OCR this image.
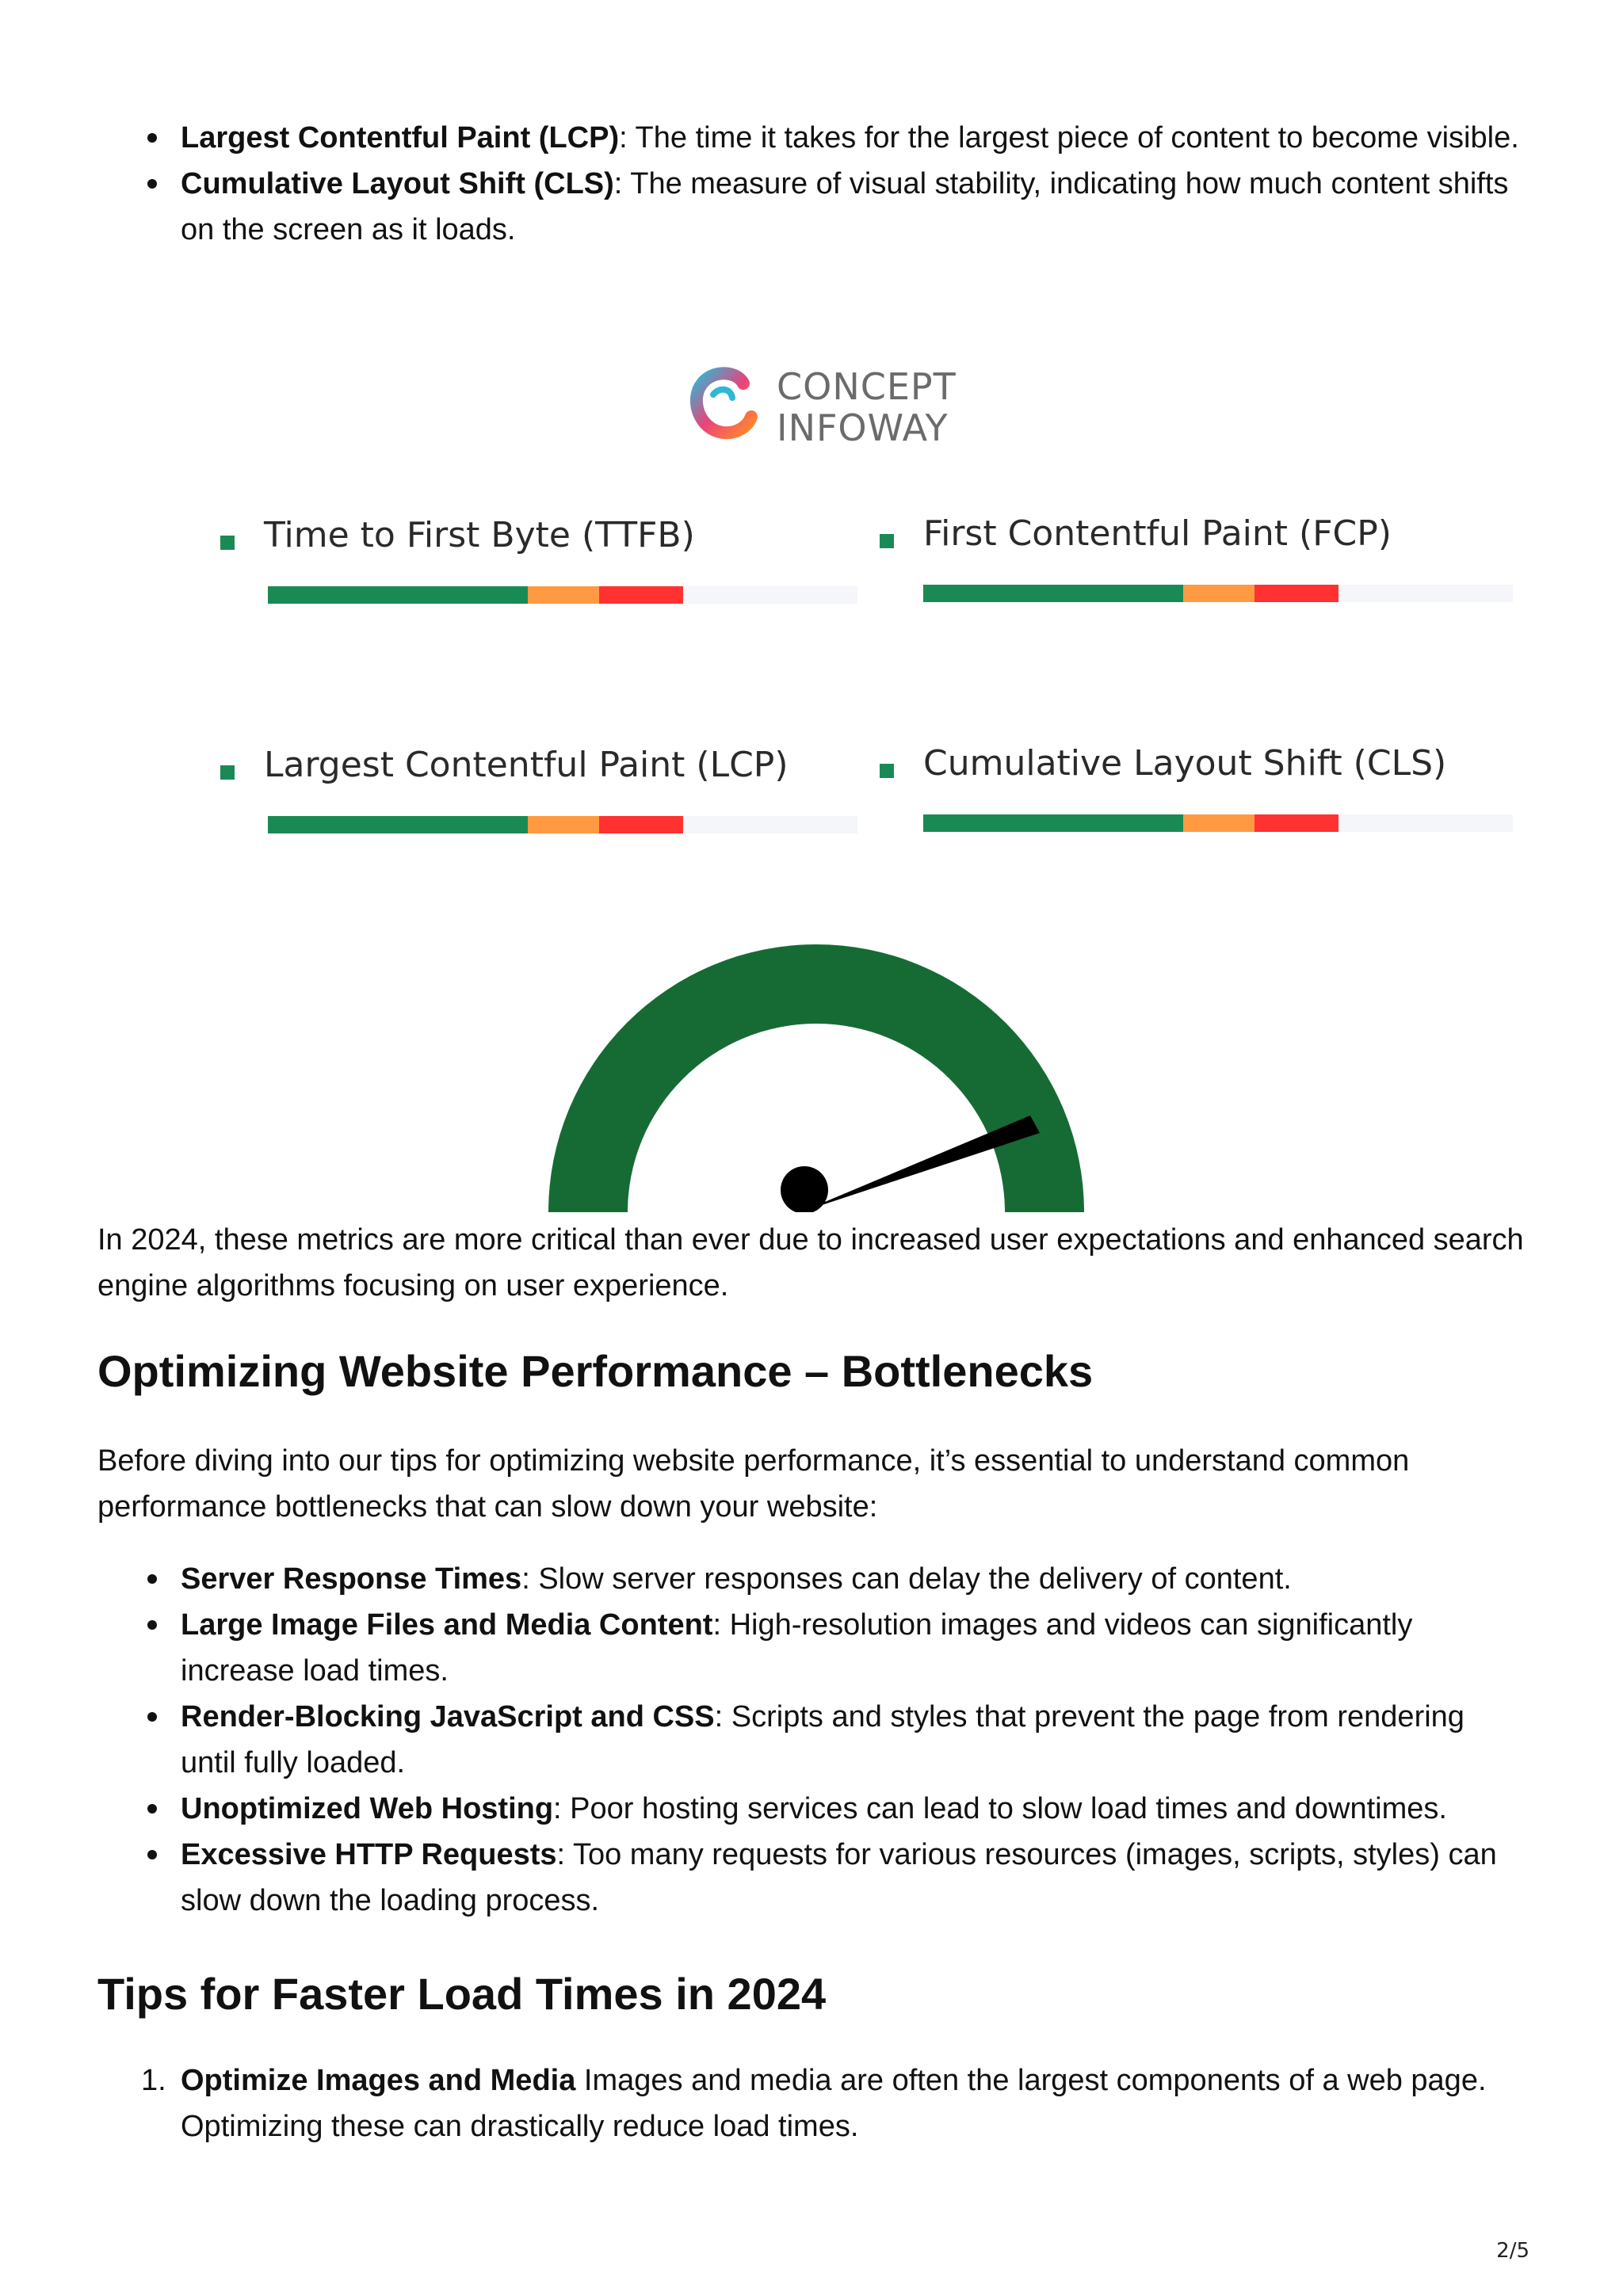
Largest Contentful Paint (LCP): The time it takes for the largest piece of content to become visible.
Cumulative Layout Shift (CLS): The measure of visual stability, indicating how much content shifts on the screen as it loads.
CONCEPT
INFOWAY
Time to First Byte (TTFB)	First Contentful Paint (FCP)
Largest Contentful Paint (LCP)	Cumulative Layout Shift (CLS)

In 2024, these metrics are more critical than ever due to increased user expectations and enhanced search engine algorithms focusing on user experience.

Optimizing Website Performance – Bottlenecks

Before diving into our tips for optimizing website performance, it’s essential to understand common performance bottlenecks that can slow down your website:

Server Response Times: Slow server responses can delay the delivery of content.
Large Image Files and Media Content: High-resolution images and videos can significantly increase load times.
Render-Blocking JavaScript and CSS: Scripts and styles that prevent the page from rendering until fully loaded.
Unoptimized Web Hosting: Poor hosting services can lead to slow load times and downtimes.
Excessive HTTP Requests: Too many requests for various resources (images, scripts, styles) can slow down the loading process.
Tips for Faster Load Times in 2024
1. Optimize Images and Media Images and media are often the largest components of a web page. Optimizing these can drastically reduce load times.
2/5
